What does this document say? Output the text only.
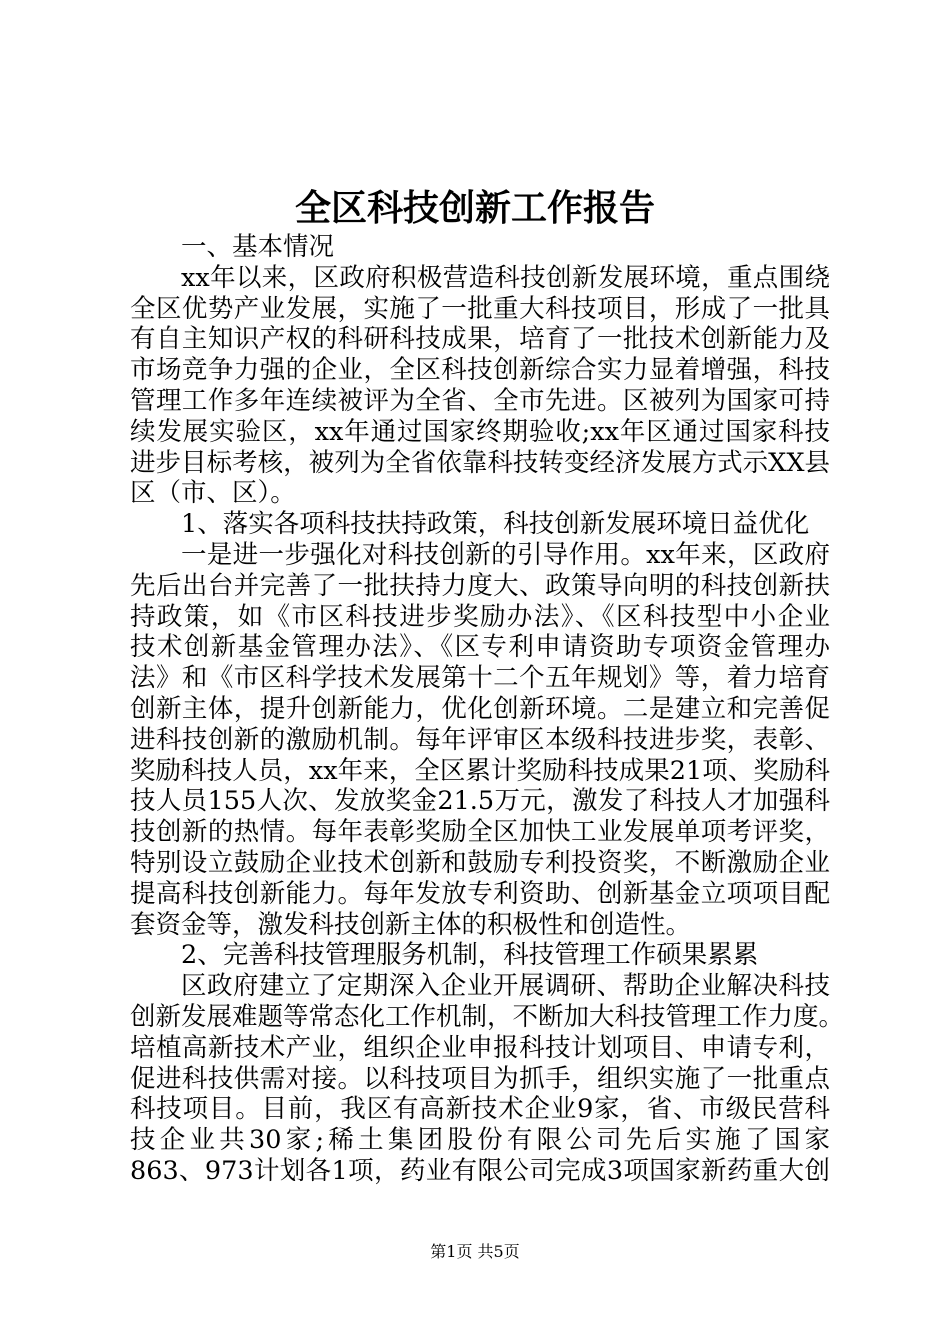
全区科技创新工作报告
一、基本情况
xx年以来，区政府积极营造科技创新发展环境，重点围绕
全区优势产业发展，实施了一批重大科技项目，形成了一批具
有自主知识产权的科研科技成果，培育了一批技术创新能力及
市场竞争力强的企业，全区科技创新综合实力显着增强，科技
管理工作多年连续被评为全省、全市先进。区被列为国家可持
续发展实验区，xx年通过国家终期验收;xx年区通过国家科技
进步目标考核，被列为全省依靠科技转变经济发展方式示XX县
区（市、区）。
1、落实各项科技扶持政策，科技创新发展环境日益优化
一是进一步强化对科技创新的引导作用。xx年来，区政府
先后出台并完善了一批扶持力度大、政策导向明的科技创新扶
持政策，如《市区科技进步奖励办法》、《区科技型中小企业
技术创新基金管理办法》、《区专利申请资助专项资金管理办
法》和《市区科学技术发展第十二个五年规划》等，着力培育
创新主体，提升创新能力，优化创新环境。二是建立和完善促
进科技创新的激励机制。每年评审区本级科技进步奖，表彰、
奖励科技人员，xx年来，全区累计奖励科技成果21项、奖励科
技人员155人次、发放奖金21.5万元，激发了科技人才加强科
技创新的热情。每年表彰奖励全区加快工业发展单项考评奖，
特别设立鼓励企业技术创新和鼓励专利投资奖，不断激励企业
提高科技创新能力。每年发放专利资助、创新基金立项项目配
套资金等，激发科技创新主体的积极性和创造性。
2、完善科技管理服务机制，科技管理工作硕果累累
区政府建立了定期深入企业开展调研、帮助企业解决科技
创新发展难题等常态化工作机制，不断加大科技管理工作力度。
培植高新技术产业，组织企业申报科技计划项目、申请专利，
促进科技供需对接。以科技项目为抓手，组织实施了一批重点
科技项目。目前，我区有高新技术企业9家，省、市级民营科
技企业共30家;稀土集团股份有限公司先后实施了国家
863、973计划各1项，药业有限公司完成3项国家新药重大创
第1页 共5页
